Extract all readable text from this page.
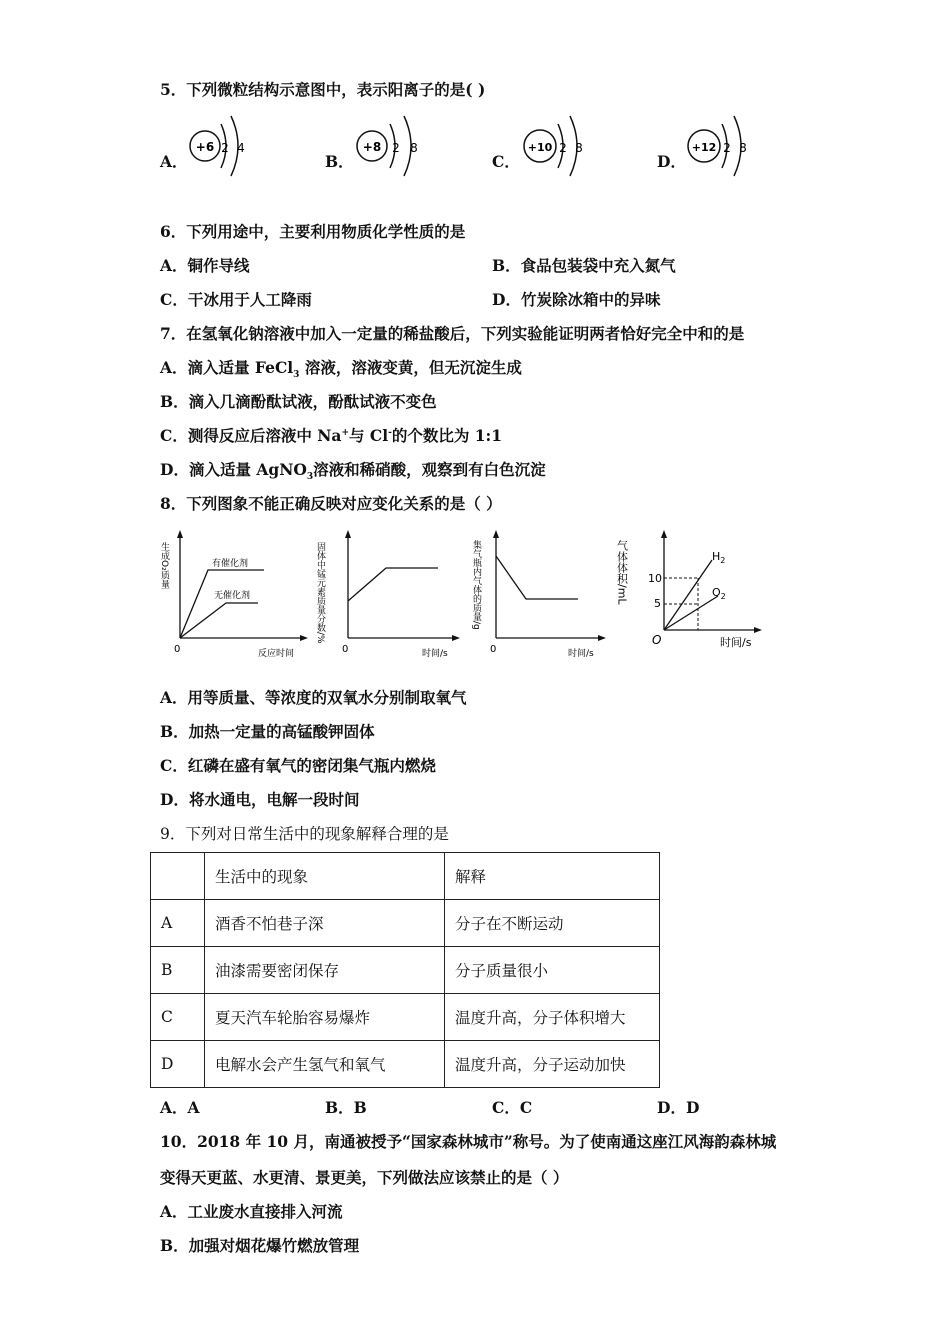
5．下列微粒结构示意图中，表示阳离子的是( )
A．
+6 2 4
B．
+8 2 8
C．
+10 2 8
D．
+12 2 8
6．下列用途中，主要利用物质化学性质的是
A．铜作导线	B．食品包装袋中充入氮气
C．干冰用于人工降雨	D．竹炭除冰箱中的异味
7．在氢氧化钠溶液中加入一定量的稀盐酸后，下列实验能证明两者恰好完全中和的是
A．滴入适量 FeCl$_3$ 溶液，溶液变黄，但无沉淀生成
B．滴入几滴酚酞试液，酚酞试液不变色
C．测得反应后溶液中 Na+与 Cl-的个数比为 1:1
D．滴入适量 AgNO$_3$溶液和稀硝酸，观察到有白色沉淀
8．下列图象不能正确反映对应变化关系的是（ ）
生成O₂质量	有催化剂
无催化剂
0	反应时间
固体中锰元素质量分数/%
0	时间/s
集气瓶内气体的质量/g
0	时间/s
气体体积/mL 10
5
$H_2$
$O_2$
O	时间/s
A．用等质量、等浓度的双氧水分别制取氧气
B．加热一定量的高锰酸钾固体
C．红磷在盛有氧气的密闭集气瓶内燃烧
D．将水通电，电解一段时间
9．下列对日常生活中的现象解释合理的是
	生活中的现象	解释
A	酒香不怕巷子深	分子在不断运动
B	油漆需要密闭保存	分子质量很小
C	夏天汽车轮胎容易爆炸	温度升高，分子体积增大
D	电解水会产生氢气和氧气	温度升高，分子运动加快
A．A	B．B	C．C	D．D
10．2018 年 10 月，南通被授予“国家森林城市”称号。为了使南通这座江风海韵森林城
变得天更蓝、水更清、景更美，下列做法应该禁止的是（ ）
A．工业废水直接排入河流
B．加强对烟花爆竹燃放管理
